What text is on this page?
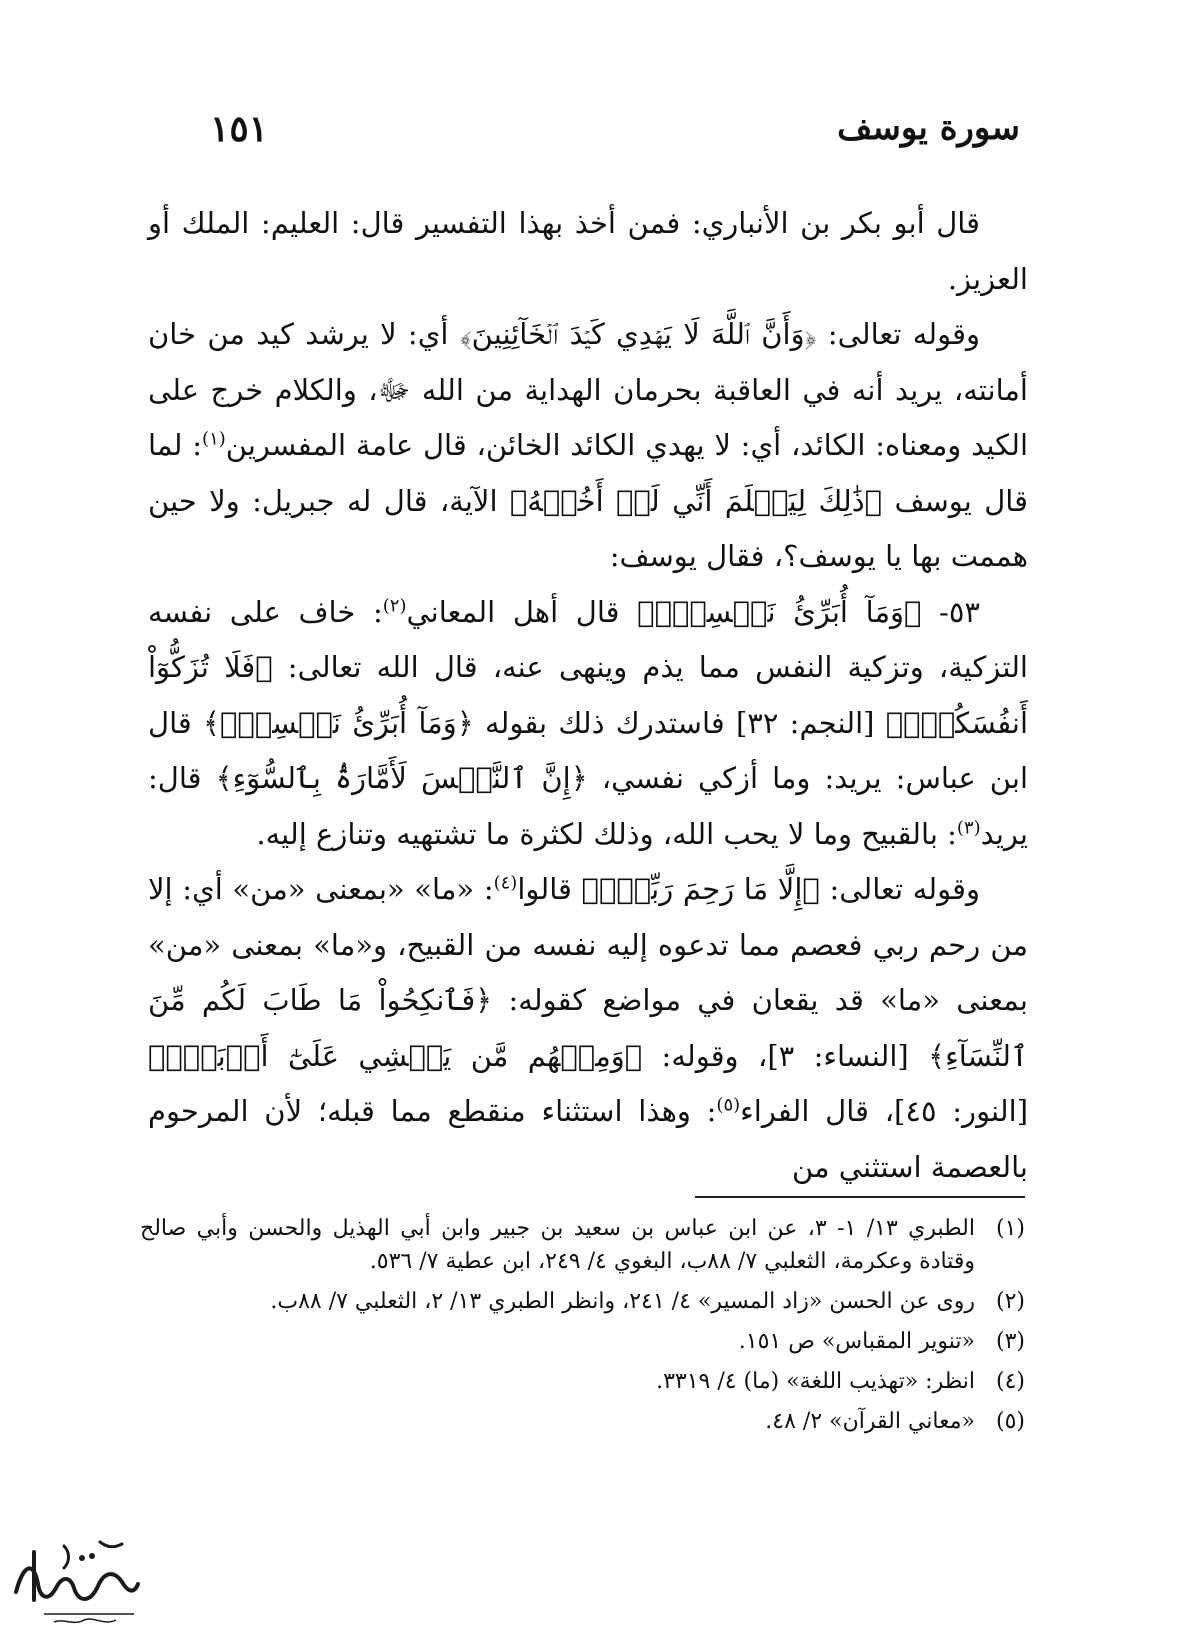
سورة يوسف
١٥١

قال أبو بكر بن الأنباري: فمن أخذ بهذا التفسير قال: العليم: الملك أو العزيز.

وقوله تعالى: ﴿وَأَنَّ ٱللَّهَ لَا يَهۡدِي كَيۡدَ ٱلۡخَآئِنِينَ﴾ أي: لا يرشد كيد من خان أمانته، يريد أنه في العاقبة بحرمان الهداية من الله ﷻ، والكلام خرج على الكيد ومعناه: الكائد، أي: لا يهدي الكائد الخائن، قال عامة المفسرين$^{(١)}$: لما قال يوسف ﴿ذَٰلِكَ لِيَعۡلَمَ أَنِّي لَمۡ أَخُنۡهُ﴾ الآية، قال له جبريل: ولا حين هممت بها يا يوسف؟، فقال يوسف:

٥٣- ﴿وَمَآ أُبَرِّئُ نَفۡسِيٓۚ﴾ قال أهل المعاني$^{(٢)}$: خاف على نفسه التزكية، وتزكية النفس مما يذم وينهى عنه، قال الله تعالى: ﴿فَلَا تُزَكُّوٓاْ أَنفُسَكُمۡۖ﴾ [النجم: ٣٢] فاستدرك ذلك بقوله ﴿وَمَآ أُبَرِّئُ نَفۡسِيٓۚ﴾ قال ابن عباس: يريد: وما أزكي نفسي، ﴿إِنَّ ٱلنَّفۡسَ لَأَمَّارَةُۢ بِٱلسُّوٓءِ﴾ قال: يريد$^{(٣)}$: بالقبيح وما لا يحب الله، وذلك لكثرة ما تشتهيه وتنازع إليه.

وقوله تعالى: ﴿إِلَّا مَا رَحِمَ رَبِّيٓۚ﴾ قالوا$^{(٤)}$: «ما» «بمعنى «من» أي: إلا من رحم ربي فعصم مما تدعوه إليه نفسه من القبيح، و«ما» بمعنى «من» بمعنى «ما» قد يقعان في مواضع كقوله: ﴿فَٱنكِحُواْ مَا طَابَ لَكُم مِّنَ ٱلنِّسَآءِ﴾ [النساء: ٣]، وقوله: ﴿وَمِنۡهُم مَّن يَمۡشِي عَلَىٰٓ أَرۡبَعٖۚ﴾ [النور: ٤٥]، قال الفراء$^{(٥)}$: وهذا استثناء منقطع مما قبله؛ لأن المرحوم بالعصمة استثني من

(١)
الطبري ١٣/ ١- ٣، عن ابن عباس بن سعيد بن جبير وابن أبي الهذيل والحسن وأبي صالح وقتادة وعكرمة، الثعلبي ٧/ ٨٨ب، البغوي ٤/ ٢٤٩، ابن عطية ٧/ ٥٣٦.
(٢)
روى عن الحسن «زاد المسير» ٤/ ٢٤١، وانظر الطبري ١٣/ ٢، الثعلبي ٧/ ٨٨ب.
(٣)
«تنوير المقباس» ص ١٥١.
(٤)
انظر: «تهذيب اللغة» (ما) ٤/ ٣٣١٩.
(٥)
«معاني القرآن» ٢/ ٤٨.
